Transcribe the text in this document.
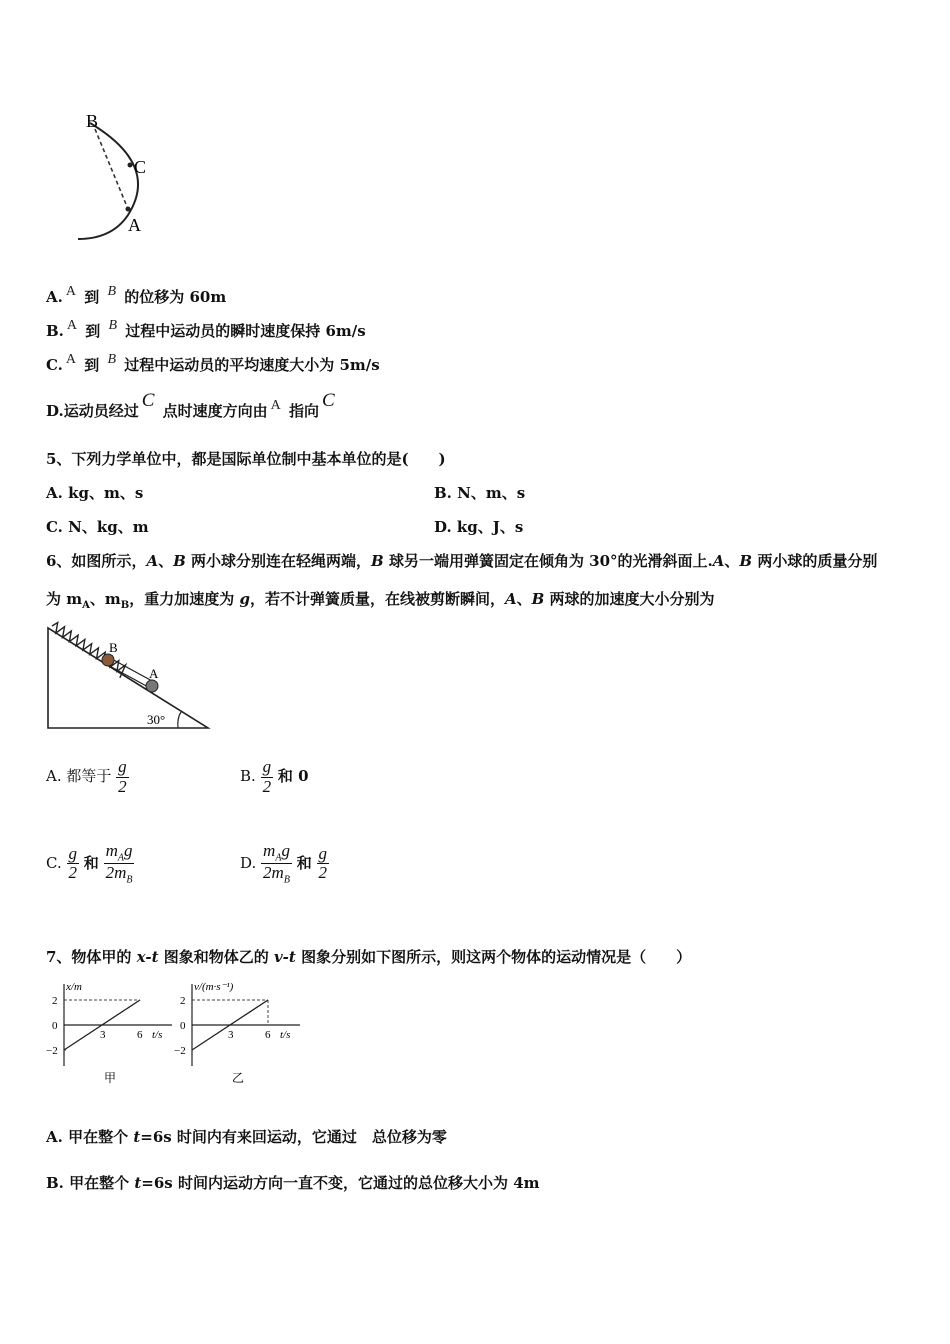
B
C
A
A. A 到 B 的位移为 60m
B. A 到 B 过程中运动员的瞬时速度保持 6m/s
C. A 到 B 过程中运动员的平均速度大小为 5m/s
D.运动员经过 C 点时速度方向由 A 指向 C
5、下列力学单位中，都是国际单位制中基本单位的是(　　)
A. kg、m、s	B. N、m、s
C. N、kg、m	D. kg、J、s
6、如图所示，A、B 两小球分别连在轻绳两端，B 球另一端用弹簧固定在倾角为 30°的光滑斜面上.A、B 两小球的质量分别
为 $m_A$、$m_B$，重力加速度为 g，若不计弹簧质量，在线被剪断瞬间，A、B 两球的加速度大小分别为
B
A
30°
A. 都等于 $\frac{g}{2}$	B. $\frac{g}{2}$ 和 0
C. $\frac{g}{2}$ 和 $\frac{m_Ag}{2m_B}$	D. $\frac{m_Ag}{2m_B}$ 和 $\frac{g}{2}$
7、物体甲的 x-t 图象和物体乙的 v-t 图象分别如下图所示，则这两个物体的运动情况是（　　）
x/m
2
0
−2
3	6 t/s
甲
v/(m·s⁻¹)
2
0
−2
3	6 t/s
乙
A. 甲在整个 t=6s 时间内有来回运动，它通过　总位移为零
B. 甲在整个 t=6s 时间内运动方向一直不变，它通过的总位移大小为 4m
